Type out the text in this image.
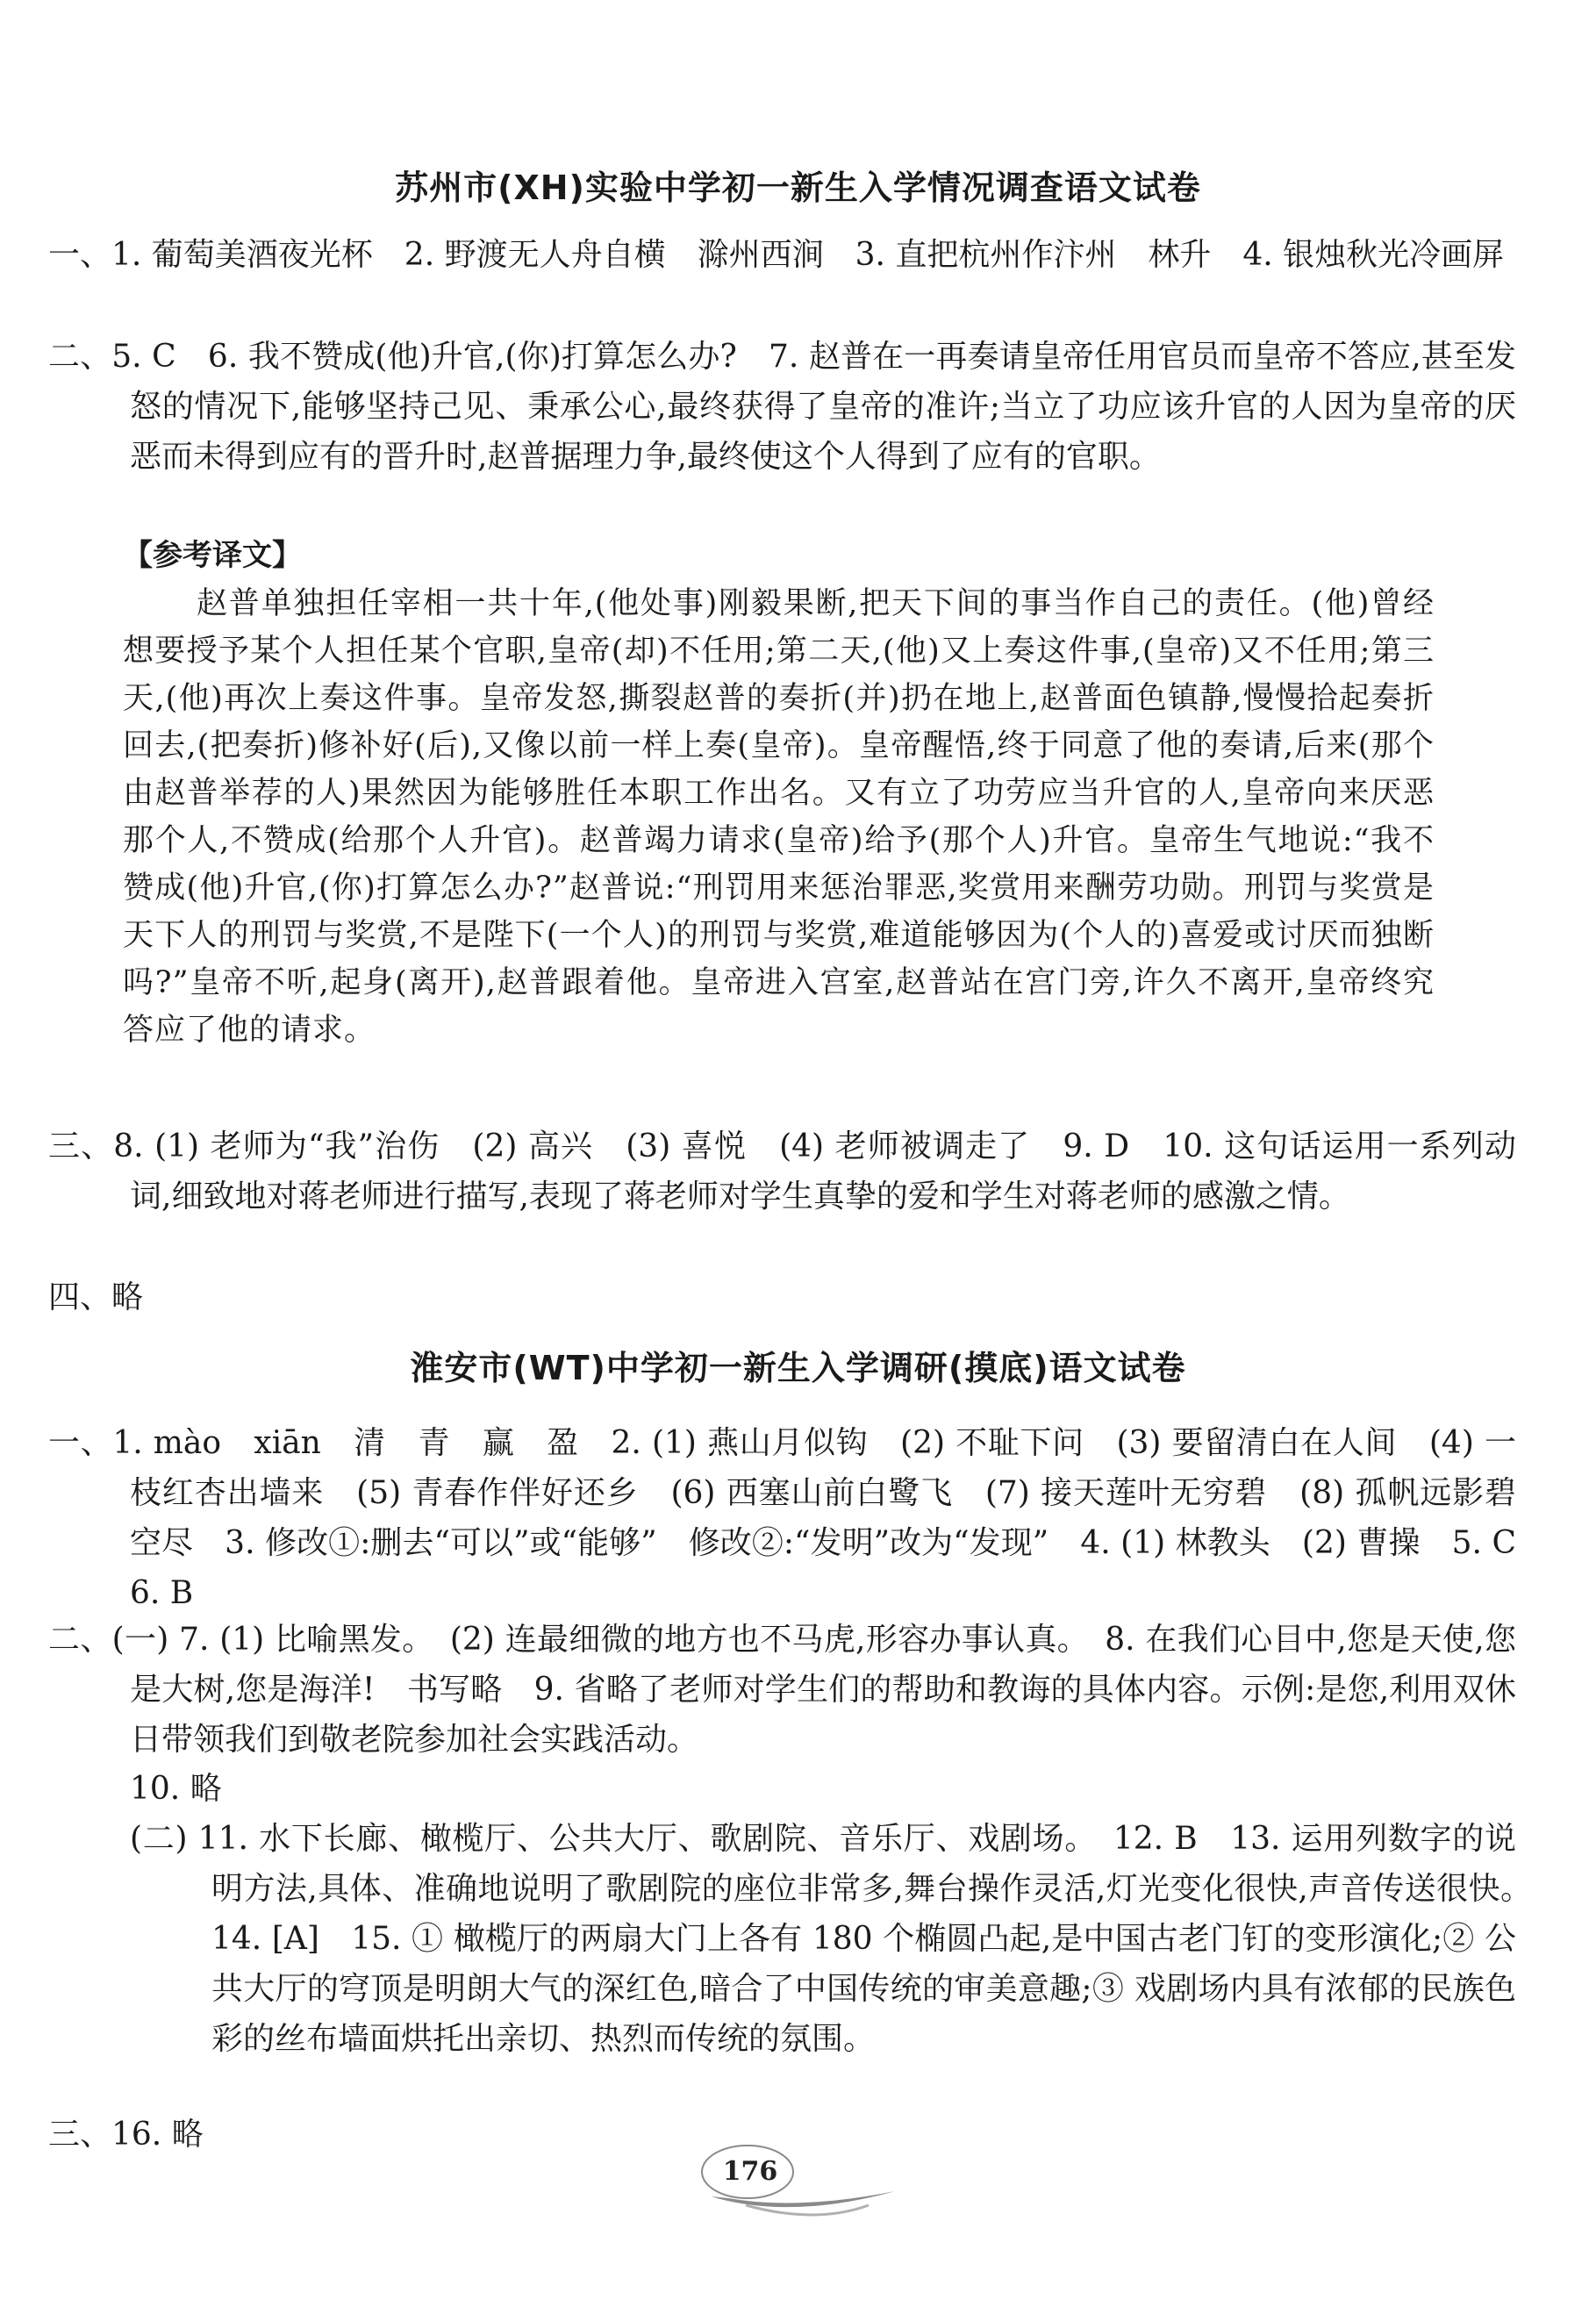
苏州市(XH)实验中学初一新生入学情况调查语文试卷

一、1. 葡萄美酒夜光杯　2. 野渡无人舟自横　滁州西涧　3. 直把杭州作汴州　林升　4. 银烛秋光冷画屏

二、5. C　6. 我不赞成(他)升官,(你)打算怎么办?　7. 赵普在一再奏请皇帝任用官员而皇帝不答应,甚至发怒的情况下,能够坚持己见、秉承公心,最终获得了皇帝的准许;当立了功应该升官的人因为皇帝的厌恶而未得到应有的晋升时,赵普据理力争,最终使这个人得到了应有的官职。

【参考译文】

赵普单独担任宰相一共十年,(他处事)刚毅果断,把天下间的事当作自己的责任。(他)曾经想要授予某个人担任某个官职,皇帝(却)不任用;第二天,(他)又上奏这件事,(皇帝)又不任用;第三天,(他)再次上奏这件事。皇帝发怒,撕裂赵普的奏折(并)扔在地上,赵普面色镇静,慢慢拾起奏折回去,(把奏折)修补好(后),又像以前一样上奏(皇帝)。皇帝醒悟,终于同意了他的奏请,后来(那个由赵普举荐的人)果然因为能够胜任本职工作出名。又有立了功劳应当升官的人,皇帝向来厌恶那个人,不赞成(给那个人升官)。赵普竭力请求(皇帝)给予(那个人)升官。皇帝生气地说:“我不赞成(他)升官,(你)打算怎么办?”赵普说:“刑罚用来惩治罪恶,奖赏用来酬劳功勋。刑罚与奖赏是天下人的刑罚与奖赏,不是陛下(一个人)的刑罚与奖赏,难道能够因为(个人的)喜爱或讨厌而独断吗?”皇帝不听,起身(离开),赵普跟着他。皇帝进入宫室,赵普站在宫门旁,许久不离开,皇帝终究答应了他的请求。

三、8. (1) 老师为“我”治伤　(2) 高兴　(3) 喜悦　(4) 老师被调走了　9. D　10. 这句话运用一系列动词,细致地对蒋老师进行描写,表现了蒋老师对学生真挚的爱和学生对蒋老师的感激之情。

四、略

淮安市(WT)中学初一新生入学调研(摸底)语文试卷

一、1. mào　xiān　清　青　赢　盈　2. (1) 燕山月似钩　(2) 不耻下问　(3) 要留清白在人间　(4) 一枝红杏出墙来　(5) 青春作伴好还乡　(6) 西塞山前白鹭飞　(7) 接天莲叶无穷碧　(8) 孤帆远影碧空尽　3. 修改①:删去“可以”或“能够”　修改②:“发明”改为“发现”　4. (1) 林教头　(2) 曹操　5. C　6. B

二、(一) 7. (1) 比喻黑发。　(2) 连最细微的地方也不马虎,形容办事认真。　8. 在我们心目中,您是天使,您是大树,您是海洋!　书写略　9. 省略了老师对学生们的帮助和教诲的具体内容。示例:是您,利用双休日带领我们到敬老院参加社会实践活动。

10. 略

(二) 11. 水下长廊、橄榄厅、公共大厅、歌剧院、音乐厅、戏剧场。　12. B　13. 运用列数字的说明方法,具体、准确地说明了歌剧院的座位非常多,舞台操作灵活,灯光变化很快,声音传送很快。　14. [A]　15. ① 橄榄厅的两扇大门上各有 180 个椭圆凸起,是中国古老门钉的变形演化;② 公共大厅的穹顶是明朗大气的深红色,暗合了中国传统的审美意趣;③ 戏剧场内具有浓郁的民族色彩的丝布墙面烘托出亲切、热烈而传统的氛围。

三、16. 略

176
